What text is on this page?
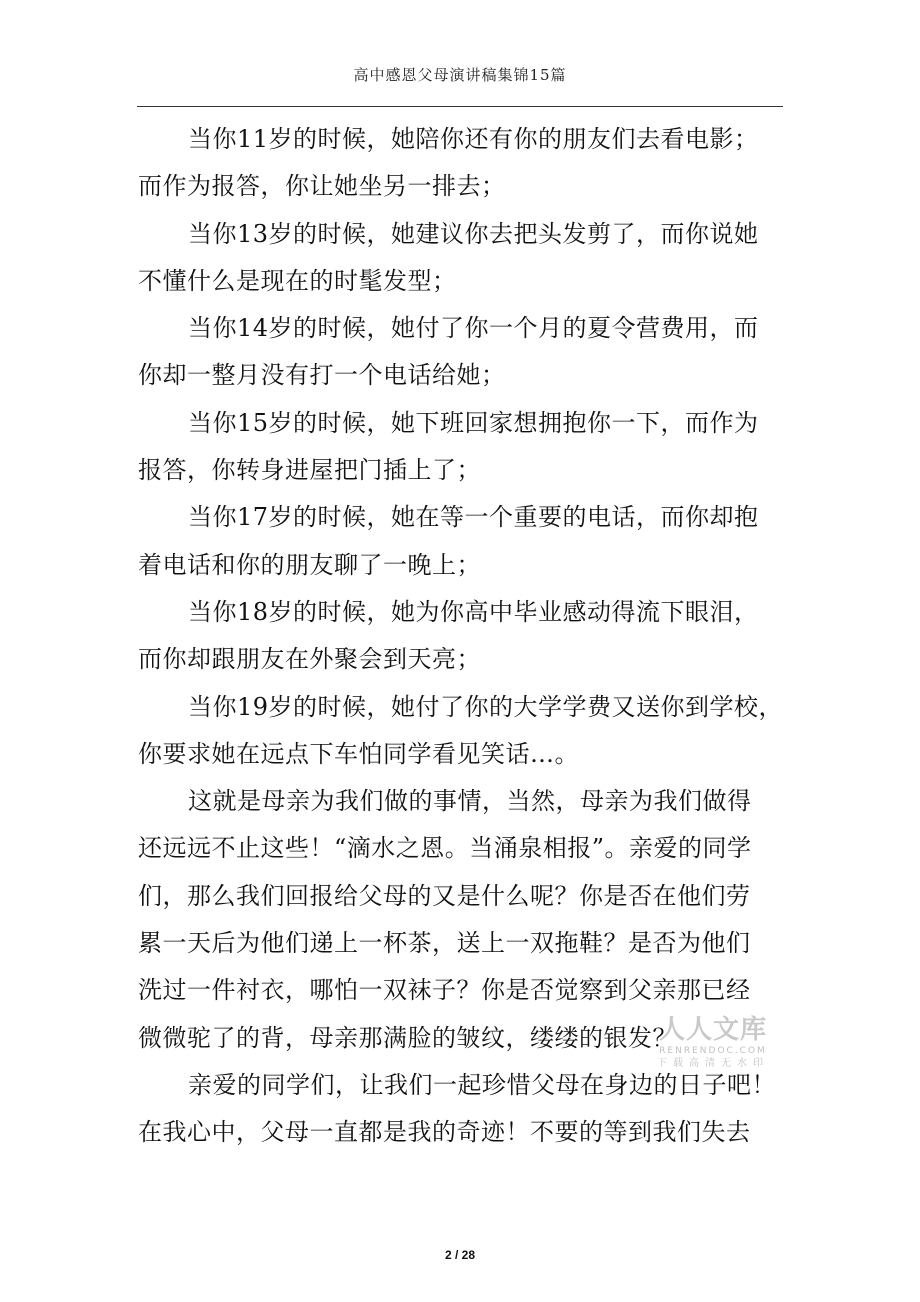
高中感恩父母演讲稿集锦15篇

当你11岁的时候，她陪你还有你的朋友们去看电影；
而作为报答，你让她坐另一排去；

当你13岁的时候，她建议你去把头发剪了，而你说她
不懂什么是现在的时髦发型；

当你14岁的时候，她付了你一个月的夏令营费用，而
你却一整月没有打一个电话给她；

当你15岁的时候，她下班回家想拥抱你一下，而作为
报答，你转身进屋把门插上了；

当你17岁的时候，她在等一个重要的电话，而你却抱
着电话和你的朋友聊了一晚上；

当你18岁的时候，她为你高中毕业感动得流下眼泪，
而你却跟朋友在外聚会到天亮；

当你19岁的时候，她付了你的大学学费又送你到学校，
你要求她在远点下车怕同学看见笑话…。

这就是母亲为我们做的事情，当然，母亲为我们做得
还远远不止这些！“滴水之恩。当涌泉相报”。亲爱的同学
们，那么我们回报给父母的又是什么呢？你是否在他们劳
累一天后为他们递上一杯茶，送上一双拖鞋？是否为他们
洗过一件衬衣，哪怕一双袜子？你是否觉察到父亲那已经
微微驼了的背，母亲那满脸的皱纹，缕缕的银发？

亲爱的同学们，让我们一起珍惜父母在身边的日子吧！
在我心中，父母一直都是我的奇迹！不要的等到我们失去

人人文库
RENRENDOC.COM
下载高清无水印
2 / 28
